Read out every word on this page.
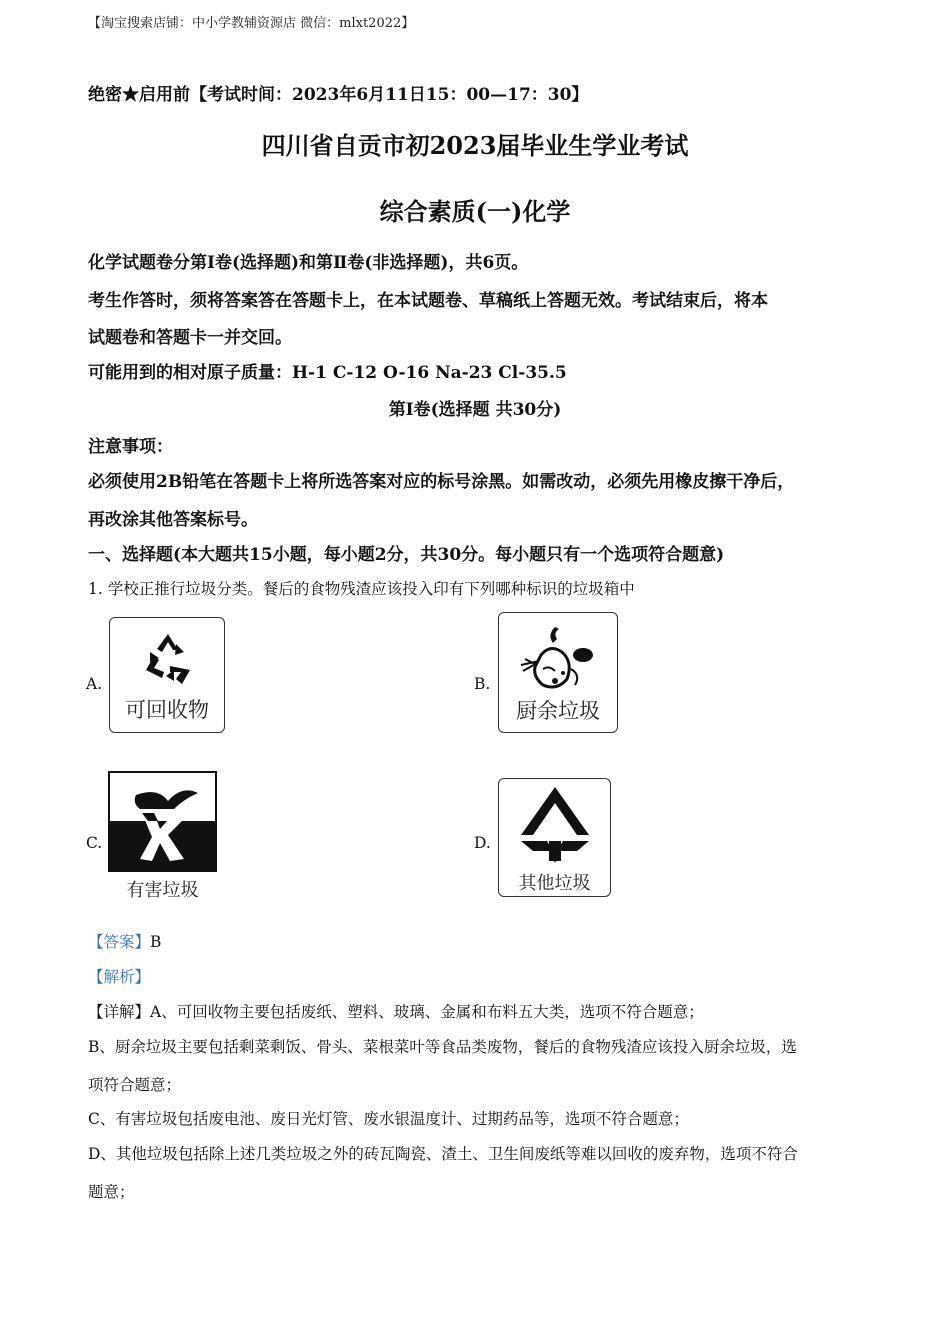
【淘宝搜索店铺：中小学教辅资源店 微信：mlxt2022】
绝密★启用前【考试时间：2023年6月11日15：00—17：30】
四川省自贡市初2023届毕业生学业考试
综合素质(一)化学
化学试题卷分第Ⅰ卷(选择题)和第Ⅱ卷(非选择题)，共6页。
考生作答时，须将答案答在答题卡上，在本试题卷、草稿纸上答题无效。考试结束后，将本
试题卷和答题卡一并交回。
可能用到的相对原子质量：H-1 C-12 O-16 Na-23 Cl-35.5
第Ⅰ卷(选择题 共30分)
注意事项：
必须使用2B铅笔在答题卡上将所选答案对应的标号涂黑。如需改动，必须先用橡皮擦干净后，
再改涂其他答案标号。
一、选择题(本大题共15小题，每小题2分，共30分。每小题只有一个选项符合题意)
1. 学校正推行垃圾分类。餐后的食物残渣应该投入印有下列哪种标识的垃圾箱中
A.
可回收物
B.
厨余垃圾
C.
有害垃圾
D.
其他垃圾
【答案】B
【解析】
【详解】A、可回收物主要包括废纸、塑料、玻璃、金属和布料五大类，选项不符合题意；
B、厨余垃圾主要包括剩菜剩饭、骨头、菜根菜叶等食品类废物，餐后的食物残渣应该投入厨余垃圾，选
项符合题意；
C、有害垃圾包括废电池、废日光灯管、废水银温度计、过期药品等，选项不符合题意；
D、其他垃圾包括除上述几类垃圾之外的砖瓦陶瓷、渣土、卫生间废纸等难以回收的废弃物，选项不符合
题意；
